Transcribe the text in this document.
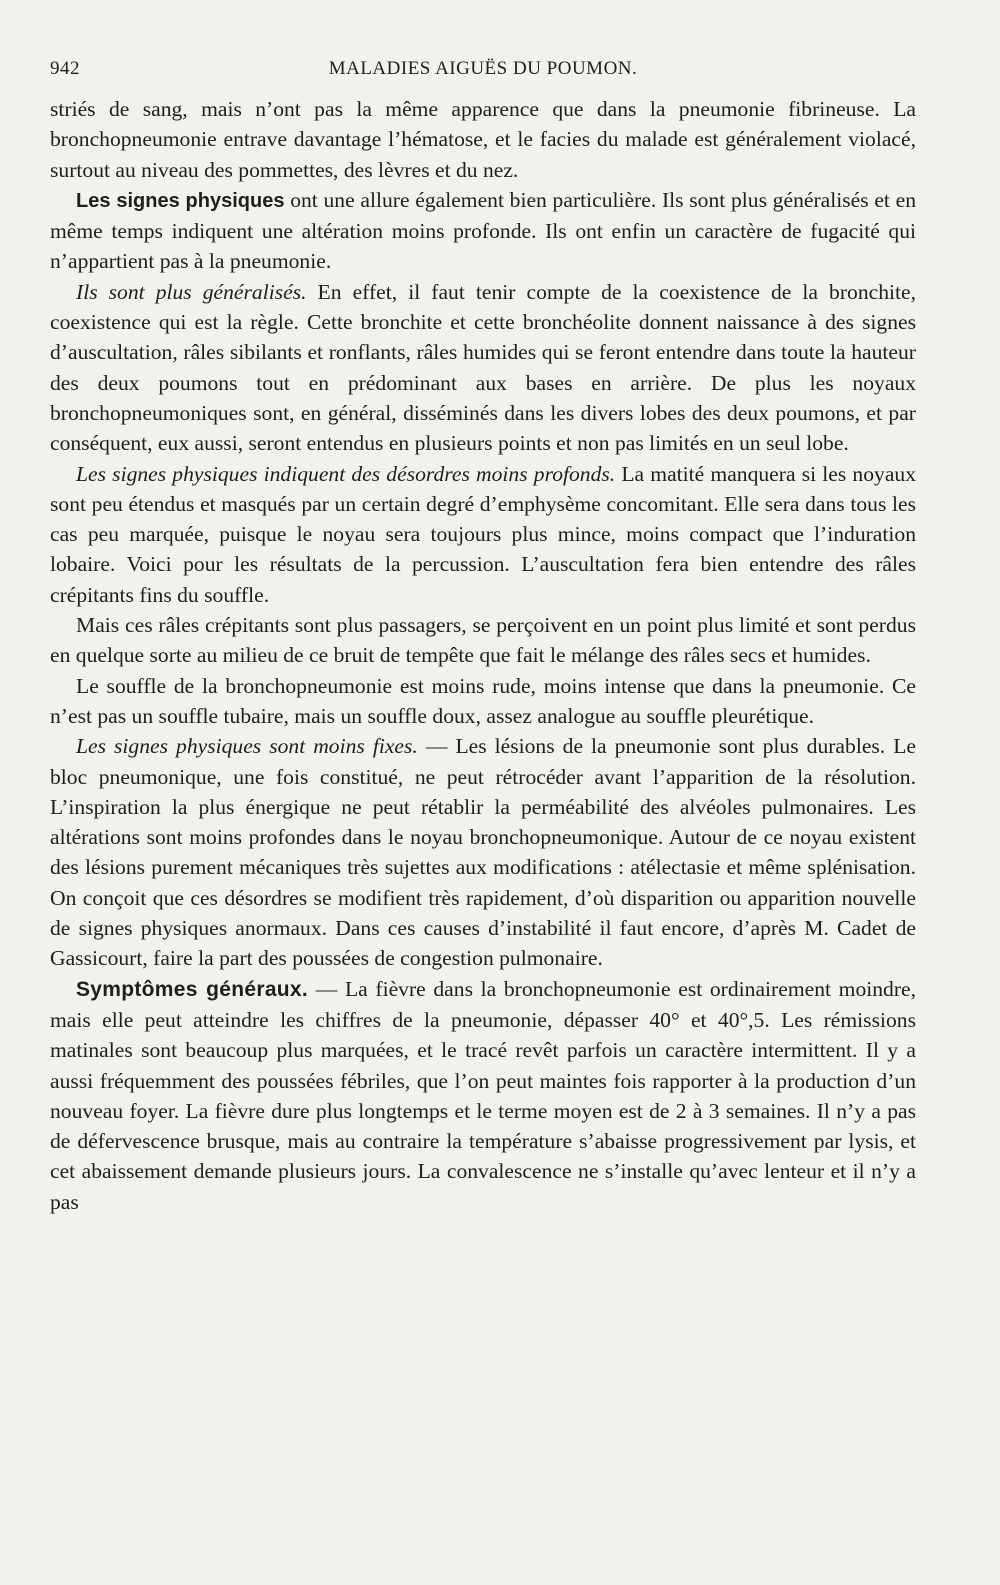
942	MALADIES AIGUËS DU POUMON.

striés de sang, mais n’ont pas la même apparence que dans la pneumonie fibrineuse. La bronchopneumonie entrave davantage l’hématose, et le facies du malade est généralement violacé, surtout au niveau des pommettes, des lèvres et du nez.

Les signes physiques ont une allure également bien particulière. Ils sont plus généralisés et en même temps indiquent une altération moins profonde. Ils ont enfin un caractère de fugacité qui n’appartient pas à la pneumonie.

Ils sont plus généralisés. En effet, il faut tenir compte de la coexistence de la bronchite, coexistence qui est la règle. Cette bronchite et cette bronchéolite donnent naissance à des signes d’auscultation, râles sibilants et ronflants, râles humides qui se feront entendre dans toute la hauteur des deux poumons tout en prédominant aux bases en arrière. De plus les noyaux bronchopneumoniques sont, en général, disséminés dans les divers lobes des deux poumons, et par conséquent, eux aussi, seront entendus en plusieurs points et non pas limités en un seul lobe.

Les signes physiques indiquent des désordres moins profonds. La matité manquera si les noyaux sont peu étendus et masqués par un certain degré d’emphysème concomitant. Elle sera dans tous les cas peu marquée, puisque le noyau sera toujours plus mince, moins compact que l’induration lobaire. Voici pour les résultats de la percussion. L’auscultation fera bien entendre des râles crépitants fins du souffle.

Mais ces râles crépitants sont plus passagers, se perçoivent en un point plus limité et sont perdus en quelque sorte au milieu de ce bruit de tempête que fait le mélange des râles secs et humides.

Le souffle de la bronchopneumonie est moins rude, moins intense que dans la pneumonie. Ce n’est pas un souffle tubaire, mais un souffle doux, assez analogue au souffle pleurétique.

Les signes physiques sont moins fixes. — Les lésions de la pneumonie sont plus durables. Le bloc pneumonique, une fois constitué, ne peut rétrocéder avant l’apparition de la résolution. L’inspiration la plus énergique ne peut rétablir la perméabilité des alvéoles pulmonaires. Les altérations sont moins profondes dans le noyau bronchopneumonique. Autour de ce noyau existent des lésions purement mécaniques très sujettes aux modifications : atélectasie et même splénisation. On conçoit que ces désordres se modifient très rapidement, d’où disparition ou apparition nouvelle de signes physiques anormaux. Dans ces causes d’instabilité il faut encore, d’après M. Cadet de Gassicourt, faire la part des poussées de congestion pulmonaire.

Symptômes généraux. — La fièvre dans la bronchopneumonie est ordinairement moindre, mais elle peut atteindre les chiffres de la pneumonie, dépasser 40° et 40°,5. Les rémissions matinales sont beaucoup plus marquées, et le tracé revêt parfois un caractère intermittent. Il y a aussi fréquemment des poussées fébriles, que l’on peut maintes fois rapporter à la production d’un nouveau foyer. La fièvre dure plus longtemps et le terme moyen est de 2 à 3 semaines. Il n’y a pas de défervescence brusque, mais au contraire la température s’abaisse progressivement par lysis, et cet abaissement demande plusieurs jours. La convalescence ne s’installe qu’avec lenteur et il n’y a pas
